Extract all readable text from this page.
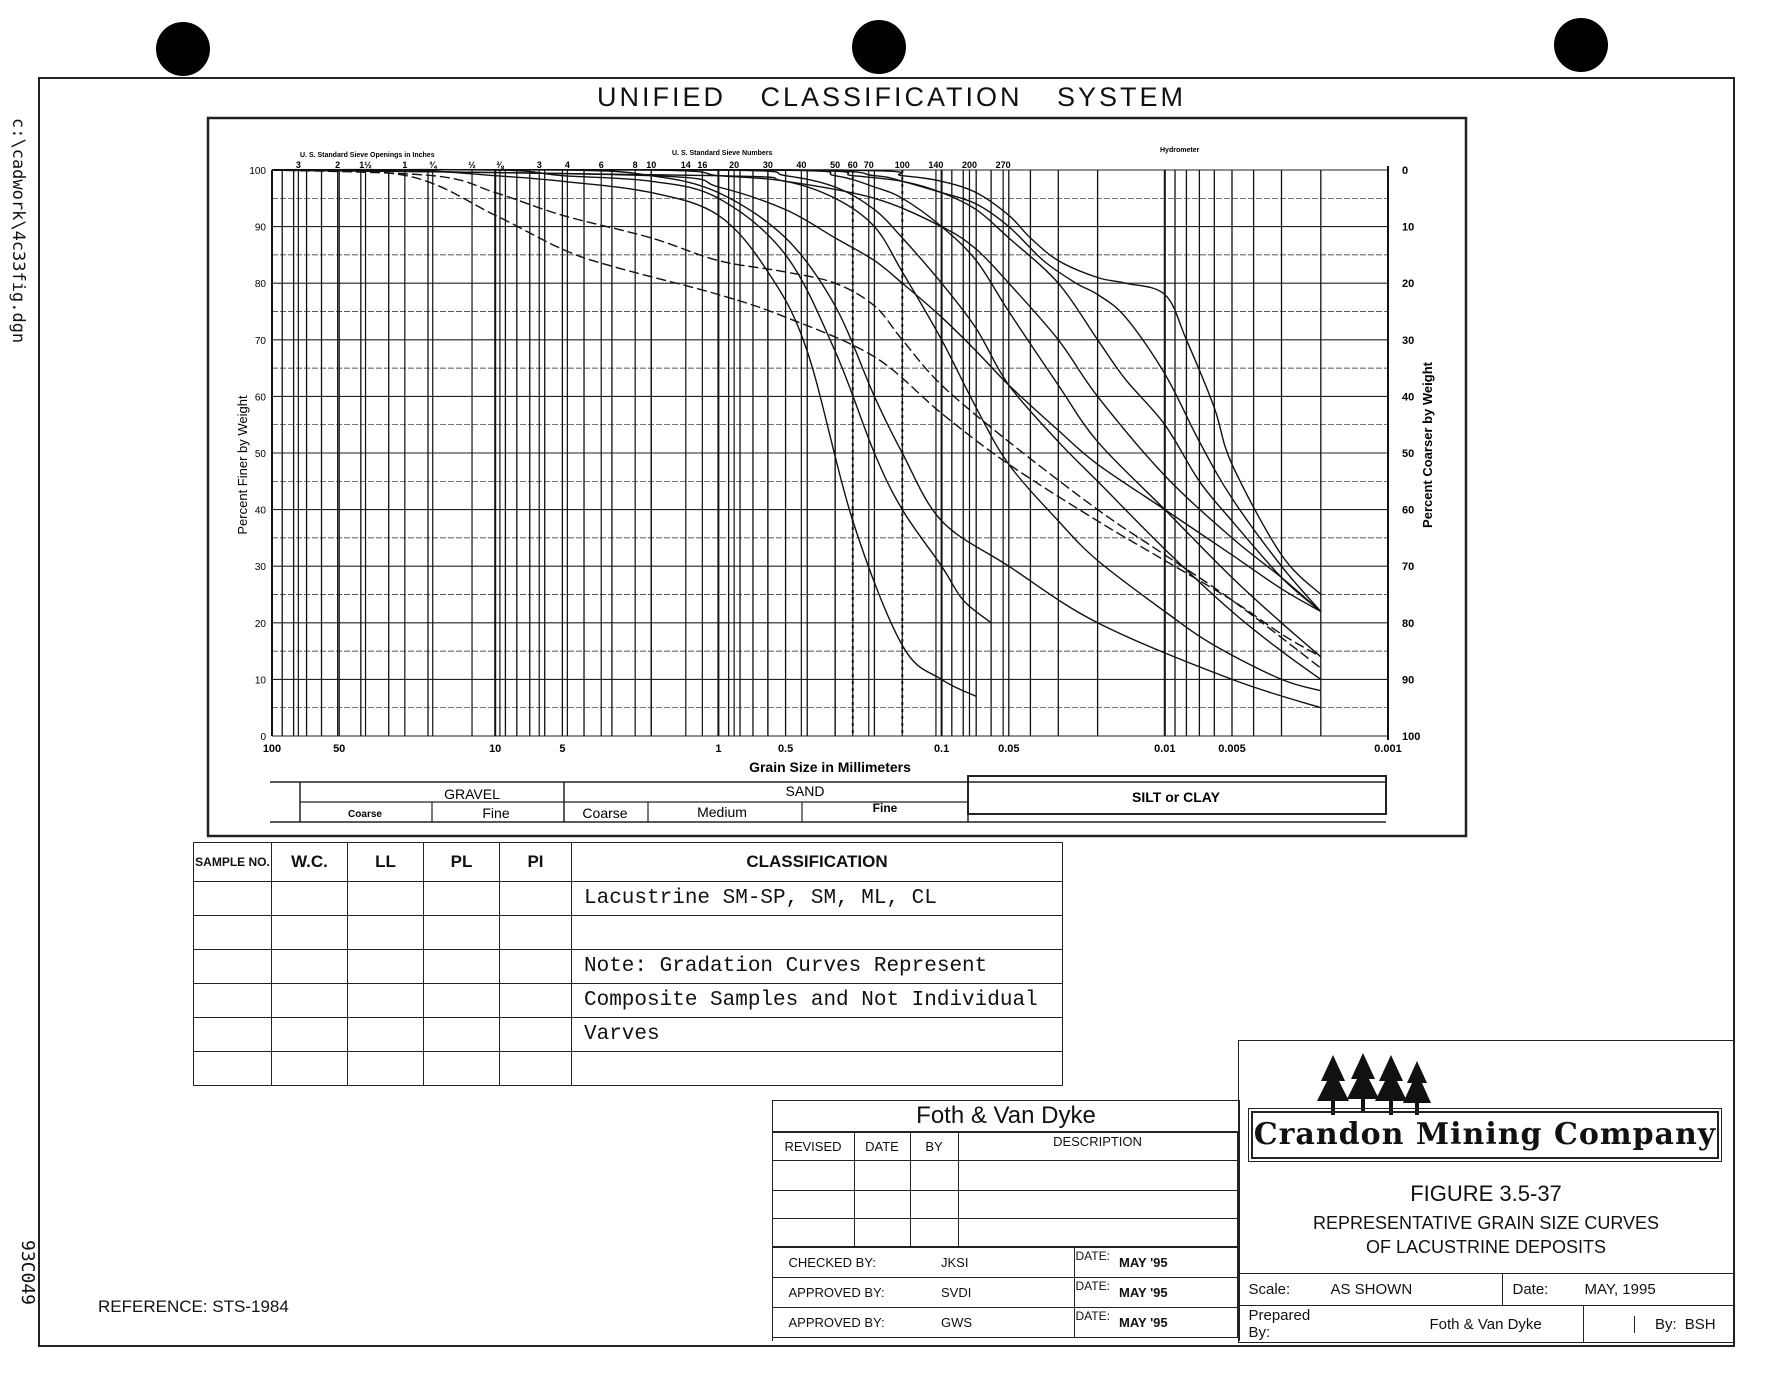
c:\cadwork\4c33fig.dgn
93C049
UNIFIED CLASSIFICATION SYSTEM
0
10
20
30
40
50
60
70
80
90
100
100
90
80
70
60
50
40
30
20
10
0
100	50	10	5	1	0.5	0.1	0.05	0.01	0.005	0.001
3	2 1½	1 ¾	½ ⅜	3	4	6	8 10	14 16 20	30	40	50 60 70 100 140 200 270
Grain Size in Millimeters
Percent Finer by Weight	Percent Coarser by Weight
U. S. Standard Sieve Openings in Inches	U. S. Standard Sieve Numbers	Hydrometer
GRAVEL	SAND	SILT or CLAY
Coarse	Fine	Coarse	Medium	Fine
SAMPLE NO.	W.C.	LL	PL	PI	CLASSIFICATION
					Lacustrine SM-SP, SM, ML, CL

					Note: Gradation Curves Represent
					Composite Samples and Not Individual
					Varves

REFERENCE: STS-1984
Foth & Van Dyke
REVISED	DATE	BY	DESCRIPTION

CHECKED BY:	JKSI	DATE:	MAY '95
APPROVED BY:	SVDI	DATE:	MAY '95
APPROVED BY:	GWS	DATE:	MAY '95
Crandon Mining Company
FIGURE 3.5-37
REPRESENTATIVE GRAIN SIZE CURVES
OF LACUSTRINE DEPOSITS
Scale:	AS SHOWN	Date:	MAY, 1995
Prepared By:	Foth & Van Dyke		By: BSH
